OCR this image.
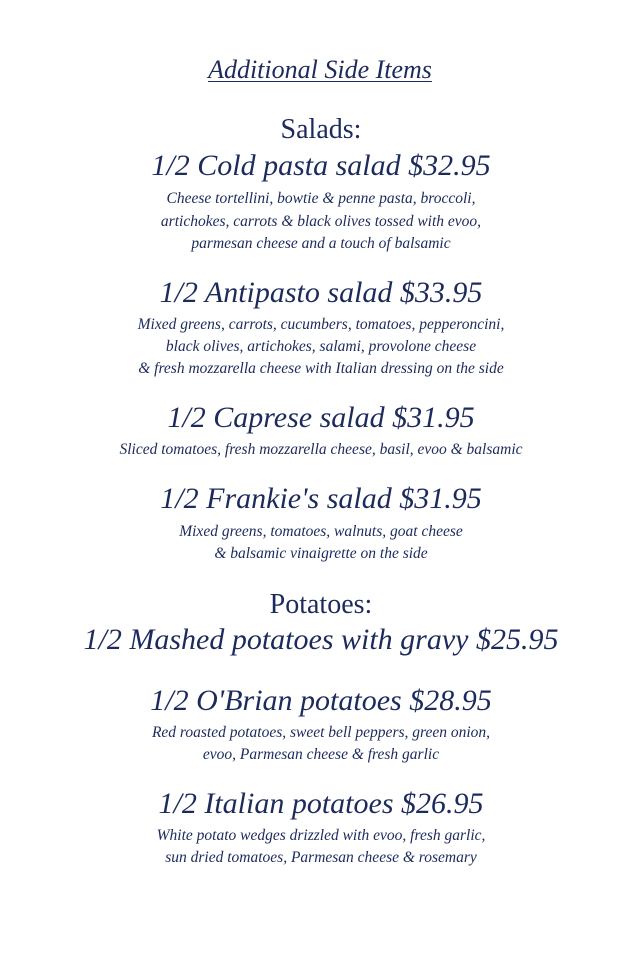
Additional Side Items
Salads:
1/2 Cold pasta salad $32.95
Cheese tortellini, bowtie & penne pasta, broccoli,
artichokes, carrots & black olives tossed with evoo,
parmesan cheese and a touch of balsamic
1/2 Antipasto salad $33.95
Mixed greens, carrots, cucumbers, tomatoes, pepperoncini,
black olives, artichokes, salami, provolone cheese
& fresh mozzarella cheese with Italian dressing on the side
1/2 Caprese salad $31.95
Sliced tomatoes, fresh mozzarella cheese, basil, evoo & balsamic
1/2 Frankie's salad $31.95
Mixed greens, tomatoes, walnuts, goat cheese
& balsamic vinaigrette on the side
Potatoes:
1/2 Mashed potatoes with gravy $25.95
1/2 O'Brian potatoes $28.95
Red roasted potatoes, sweet bell peppers, green onion,
evoo, Parmesan cheese & fresh garlic
1/2 Italian potatoes $26.95
White potato wedges drizzled with evoo, fresh garlic,
sun dried tomatoes, Parmesan cheese & rosemary
